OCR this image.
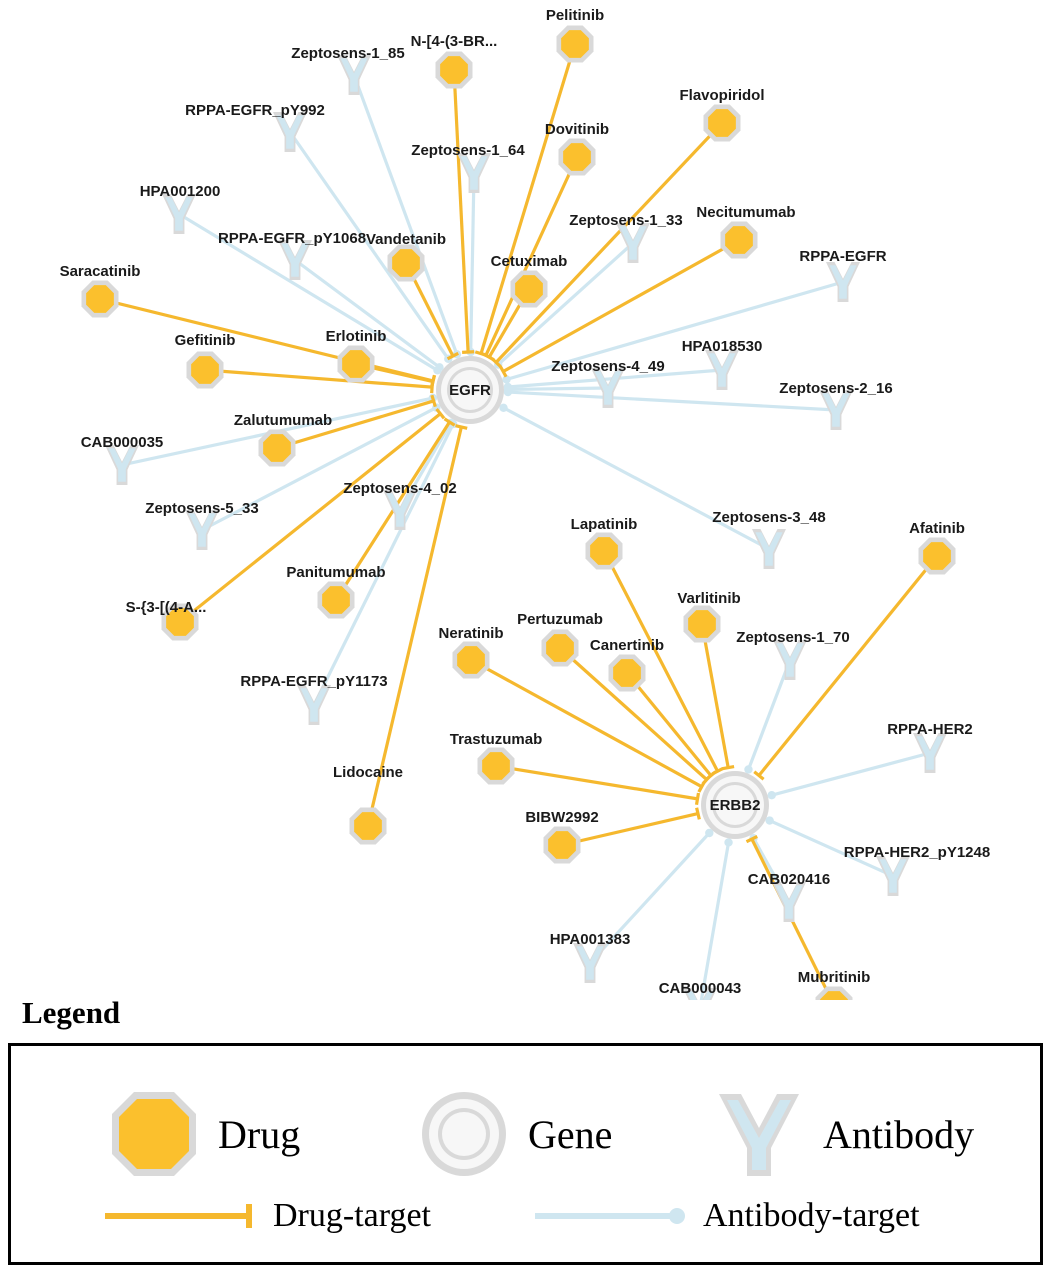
Zeptosens-1_85
RPPA-EGFR_pY992
Zeptosens-1_64
HPA001200
Zeptosens-1_33
RPPA-EGFR_pY1068
RPPA-EGFR
HPA018530
Zeptosens-4_49
Zeptosens-2_16
CAB000035
Zeptosens-4_02
Zeptosens-5_33
Zeptosens-3_48
Zeptosens-1_70
RPPA-EGFR_pY1173
RPPA-HER2
RPPA-HER2_pY1248
CAB020416
HPA001383
CAB000043
Pelitinib
N-[4-(3-BR...
Flavopiridol
Dovitinib
Necitumumab
Vandetanib
Cetuximab
Saracatinib
Erlotinib
Gefitinib
Zalutumumab
Lapatinib	Afatinib
Panitumumab
S-{3-[(4-A...
Varlitinib
Pertuzumab
Neratinib
Canertinib
Trastuzumab
Lidocaine
BIBW2992
Mubritinib
EGFR
ERBB2
Legend
Drug	Gene	Antibody
Drug-target	Antibody-target
